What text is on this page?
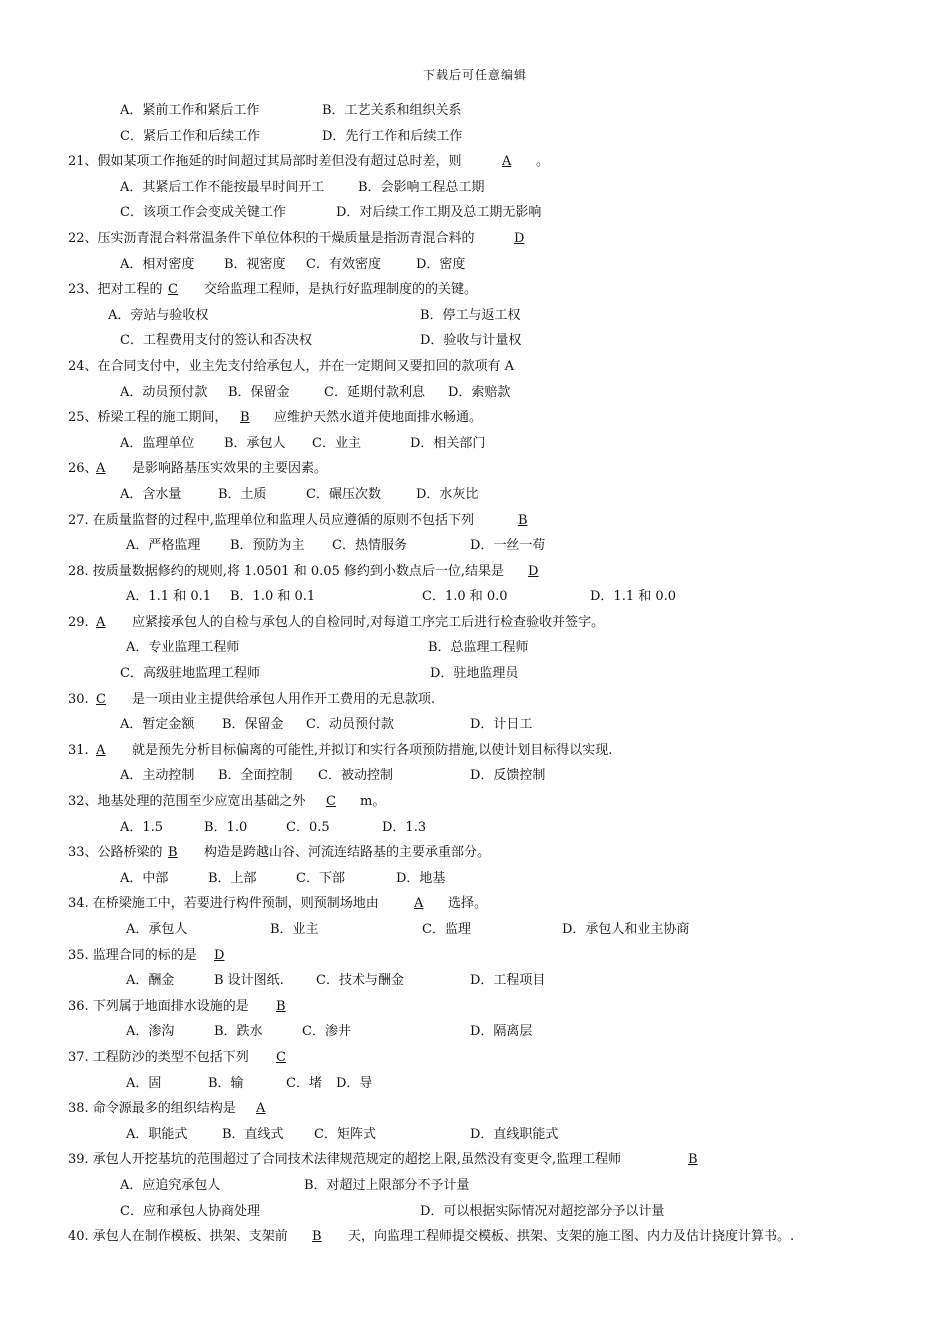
下载后可任意编辑
A．紧前工作和紧后工作	B．工艺关系和组织关系
C．紧后工作和后续工作	D．先行工作和后续工作
21、假如某项工作拖延的时间超过其局部时差但没有超过总时差，则	A 。
A．其紧后工作不能按最早时间开工	B．会影响工程总工期
C．该项工作会变成关键工作	D．对后续工作工期及总工期无影响
22、压实沥青混合料常温条件下单位体积的干燥质量是指沥青混合料的	D
A．相对密度 B．视密度 C．有效密度	D．密度
23、把对工程的 C 交给监理工程师，是执行好监理制度的的关键。
A．旁站与验收权	B．停工与返工权
C．工程费用支付的签认和否决权	D．验收与计量权
24、在合同支付中，业主先支付给承包人，并在一定期间又要扣回的款项有 A
A．动员预付款 B．保留金	C．延期付款利息 D．索赔款
25、桥梁工程的施工期间， B 应维护天然水道并使地面排水畅通。
A．监理单位 B．承包人 C．业主	D．相关部门
26、
A 是影响路基压实效果的主要因素。
A．含水量	B．土质	C．碾压次数	D．水灰比
27. 在质量监督的过程中,监理单位和监理人员应遵循的原则不包括下列	B
A．严格监理 B．预防为主 C．热情服务	D．一丝一苟
28. 按质量数据修约的规则,将 1.0501 和 0.05 修约到小数点后一位,结果是 D
A．1.1 和 0.1 B．1.0 和 0.1	C．1.0 和 0.0	D．1.1 和 0.0
29. A 应紧接承包人的自检与承包人的自检同时,对每道工序完工后进行检查验收并签字。
A．专业监理工程师	B．总监理工程师
C．高级驻地监理工程师	D．驻地监理员
30. C 是一项由业主提供给承包人用作开工费用的无息款项.
A．暂定金额 B．保留金 C．动员预付款	D．计日工
31. A 就是预先分析目标偏离的可能性,并拟订和实行各项预防措施,以使计划目标得以实现.
A．主动控制 B．全面控制 C．被动控制	D．反馈控制
32、地基处理的范围至少应宽出基础之外 C m。
A．1.5	B．1.0	C．0.5	D．1.3
33、公路桥梁的 B 构造是跨越山谷、河流连结路基的主要承重部分。
A．中部	B．上部	C．下部	D．地基
34. 在桥梁施工中，若要进行构件预制，则预制场地由	A 选择。
A．承包人	B．业主	C．监理	D．承包人和业主协商
35. 监理合同的标的是 D
A．酬金	B 设计图纸. C．技术与酬金	D．工程项目
36. 下列属于地面排水设施的是 B
A．渗沟	B．跌水	C．渗井	D．隔离层
37. 工程防沙的类型不包括下列 C
A．固	B．输	C．堵 D．导
38. 命令源最多的组织结构是 A
A．职能式	B．直线式 C．矩阵式	D．直线职能式
39. 承包人开挖基坑的范围超过了合同技术法律规范规定的超挖上限,虽然没有变更令,监理工程师	B
A．应追究承包人	B．对超过上限部分不予计量
C．应和承包人协商处理	D．可以根据实际情况对超挖部分予以计量
40. 承包人在制作模板、拱架、支架前 B 天，向监理工程师提交模板、拱架、支架的施工图、内力及估计挠度计算书。.
